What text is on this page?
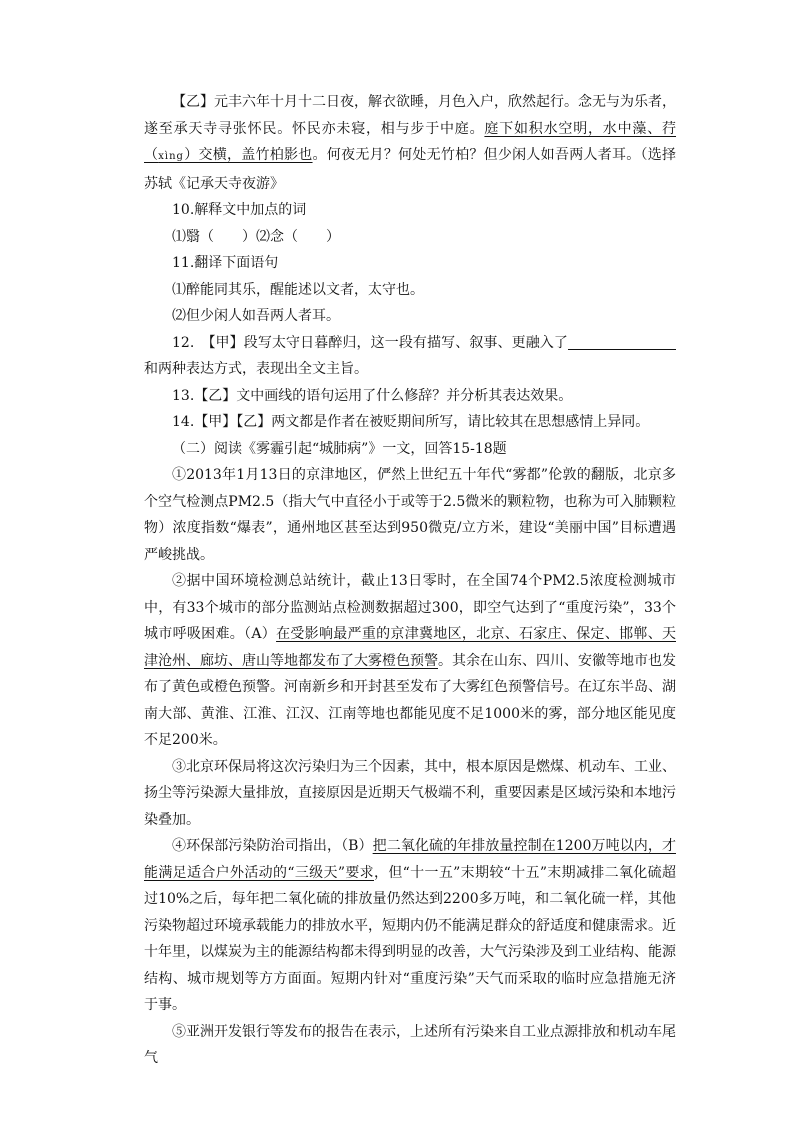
【乙】元丰六年十月十二日夜，解衣欲睡，月色入户，欣然起行。念无与为乐者，遂至承天寺寻张怀民。怀民亦未寝，相与步于中庭。庭下如积水空明，水中藻、荇（xìng）交横，盖竹柏影也。何夜无月？何处无竹柏？但少闲人如吾两人者耳。（选择苏轼《记承天寺夜游》

10.解释文中加点的词

⑴翳（　　）⑵念（　　）

11.翻译下面语句

⑴醉能同其乐，醒能述以文者，太守也。

⑵但少闲人如吾两人者耳。

12.　【甲】段写太守日暮醉归，这一段有描写、叙事、更融入了和两种表达方式，表现出全文主旨。

13.【乙】文中画线的语句运用了什么修辞？并分析其表达效果。

14.【甲】【乙】两文都是作者在被贬期间所写，请比较其在思想感情上异同。

（二）阅读《雾霾引起“城肺病”》一文，回答15-18题

①2013年1月13日的京津地区，俨然上世纪五十年代“雾都”伦敦的翻版，北京多个空气检测点PM2.5（指大气中直径小于或等于2.5微米的颗粒物，也称为可入肺颗粒物）浓度指数“爆表”，通州地区甚至达到950微克/立方米，建设“美丽中国”目标遭遇严峻挑战。

②据中国环境检测总站统计，截止13日零时，在全国74个PM2.5浓度检测城市中，有33个城市的部分监测站点检测数据超过300，即空气达到了“重度污染”，33个城市呼吸困难。（A）在受影响最严重的京津冀地区，北京、石家庄、保定、邯郸、天津沧州、廊坊、唐山等地都发布了大雾橙色预警。其余在山东、四川、安徽等地市也发布了黄色或橙色预警。河南新乡和开封甚至发布了大雾红色预警信号。在辽东半岛、湖南大部、黄淮、江淮、江汉、江南等地也都能见度不足1000米的雾，部分地区能见度不足200米。

③北京环保局将这次污染归为三个因素，其中，根本原因是燃煤、机动车、工业、扬尘等污染源大量排放，直接原因是近期天气极端不利，重要因素是区域污染和本地污染叠加。

④环保部污染防治司指出，（B）把二氧化硫的年排放量控制在1200万吨以内，才能满足适合户外活动的“三级天”要求，但“十一五”末期较“十五”末期减排二氧化硫超过10%之后，每年把二氧化硫的排放量仍然达到2200多万吨，和二氧化硫一样，其他污染物超过环境承载能力的排放水平，短期内仍不能满足群众的舒适度和健康需求。近十年里，以煤炭为主的能源结构都未得到明显的改善，大气污染涉及到工业结构、能源结构、城市规划等方方面面。短期内针对“重度污染”天气而采取的临时应急措施无济于事。

⑤亚洲开发银行等发布的报告在表示，上述所有污染来自工业点源排放和机动车尾气
